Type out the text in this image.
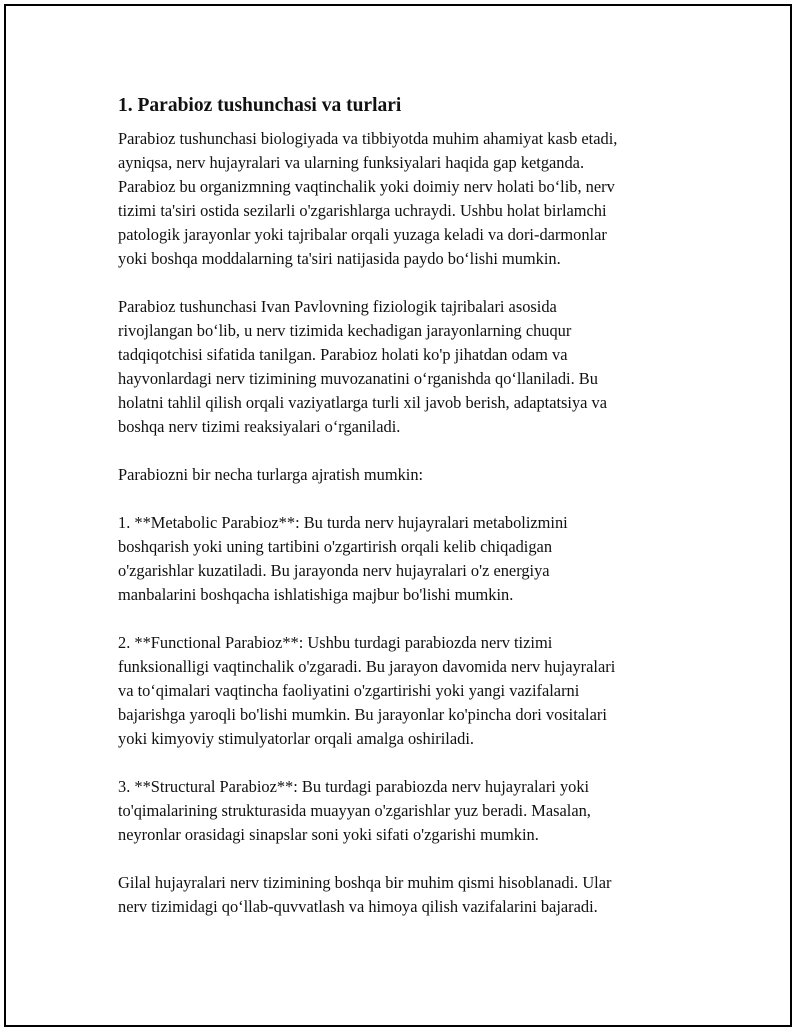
1. Parabioz tushunchasi va turlari

Parabioz tushunchasi biologiyada va tibbiyotda muhim ahamiyat kasb etadi,
ayniqsa, nerv hujayralari va ularning funksiyalari haqida gap ketganda.
Parabioz bu organizmning vaqtinchalik yoki doimiy nerv holati bo‘lib, nerv
tizimi ta'siri ostida sezilarli o'zgarishlarga uchraydi. Ushbu holat birlamchi
patologik jarayonlar yoki tajribalar orqali yuzaga keladi va dori-darmonlar
yoki boshqa moddalarning ta'siri natijasida paydo bo‘lishi mumkin.

Parabioz tushunchasi Ivan Pavlovning fiziologik tajribalari asosida
rivojlangan bo‘lib, u nerv tizimida kechadigan jarayonlarning chuqur
tadqiqotchisi sifatida tanilgan. Parabioz holati ko'p jihatdan odam va
hayvonlardagi nerv tizimining muvozanatini o‘rganishda qo‘llaniladi. Bu
holatni tahlil qilish orqali vaziyatlarga turli xil javob berish, adaptatsiya va
boshqa nerv tizimi reaksiyalari o‘rganiladi.

Parabiozni bir necha turlarga ajratish mumkin:

1. **Metabolic Parabioz**: Bu turda nerv hujayralari metabolizmini
boshqarish yoki uning tartibini o'zgartirish orqali kelib chiqadigan
o'zgarishlar kuzatiladi. Bu jarayonda nerv hujayralari o'z energiya
manbalarini boshqacha ishlatishiga majbur bo'lishi mumkin.

2. **Functional Parabioz**: Ushbu turdagi parabiozda nerv tizimi
funksionalligi vaqtinchalik o'zgaradi. Bu jarayon davomida nerv hujayralari
va to‘qimalari vaqtincha faoliyatini o'zgartirishi yoki yangi vazifalarni
bajarishga yaroqli bo'lishi mumkin. Bu jarayonlar ko'pincha dori vositalari
yoki kimyoviy stimulyatorlar orqali amalga oshiriladi.

3. **Structural Parabioz**: Bu turdagi parabiozda nerv hujayralari yoki
to'qimalarining strukturasida muayyan o'zgarishlar yuz beradi. Masalan,
neyronlar orasidagi sinapslar soni yoki sifati o'zgarishi mumkin.

Gilal hujayralari nerv tizimining boshqa bir muhim qismi hisoblanadi. Ular
nerv tizimidagi qo‘llab-quvvatlash va himoya qilish vazifalarini bajaradi.
